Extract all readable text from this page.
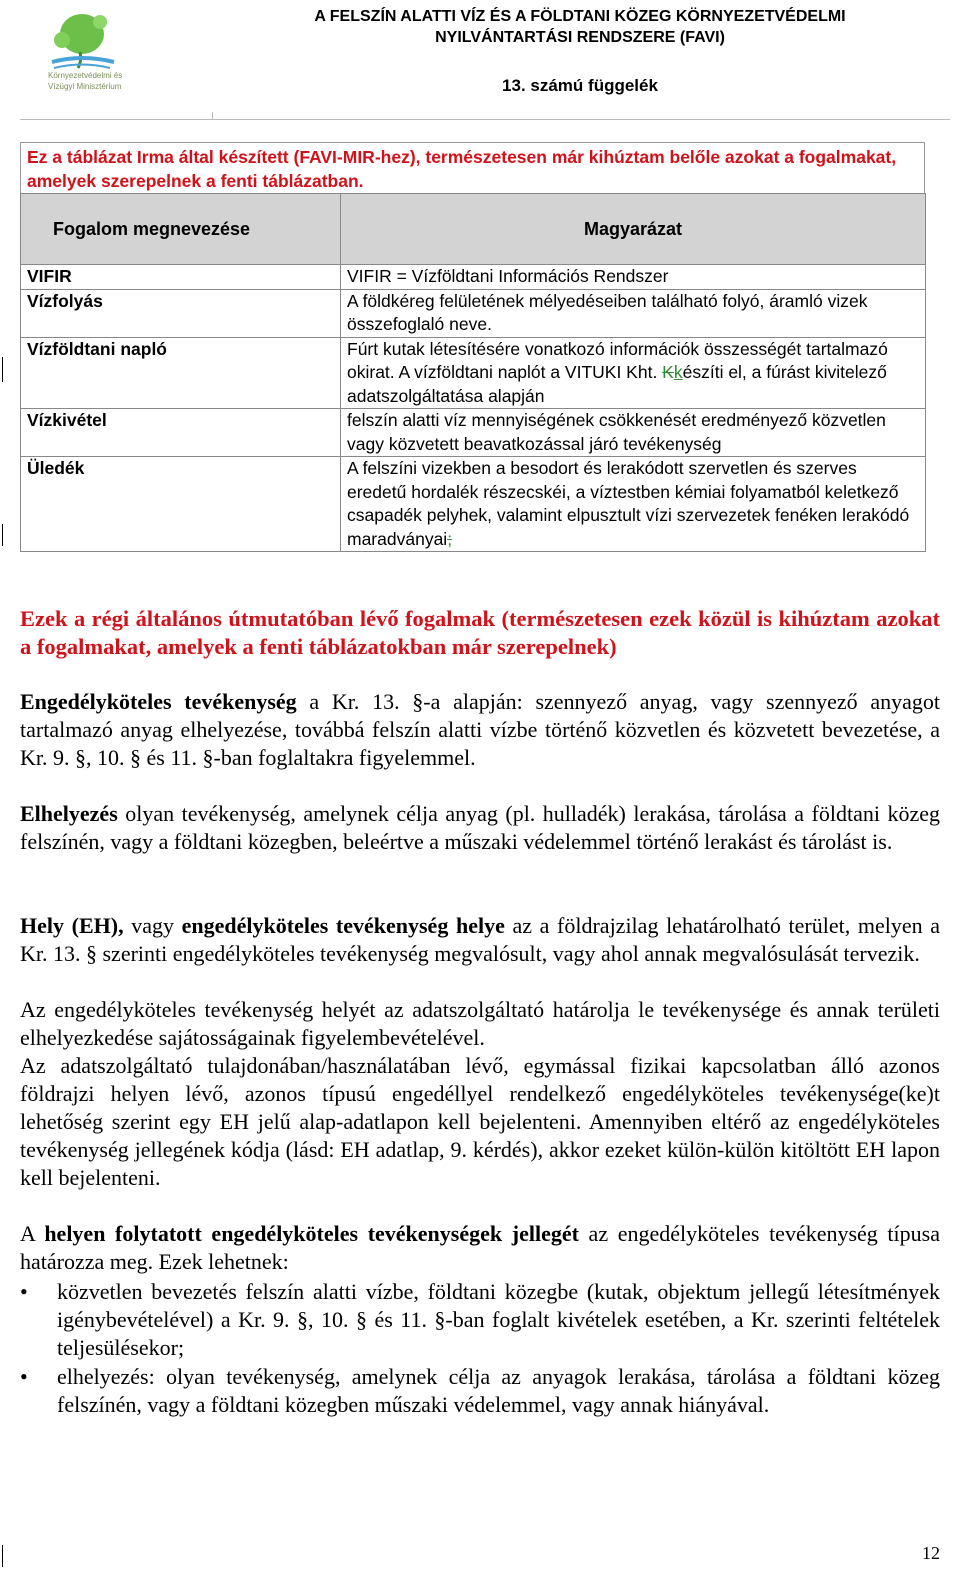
Környezetvédelmi és Vízügyi Minisztérium
A FELSZÍN ALATTI VÍZ ÉS A FÖLDTANI KÖZEG KÖRNYEZETVÉDELMI
NYILVÁNTARTÁSI RENDSZERE (FAVI)
13. számú függelék
Ez a táblázat Irma által készített (FAVI-MIR-hez), természetesen már kihúztam belőle azokat a fogalmakat, amelyek szerepelnek a fenti táblázatban.
Fogalom megnevezése	Magyarázat
VIFIR	VIFIR = Vízföldtani Információs Rendszer
Vízfolyás	A földkéreg felületének mélyedéseiben található folyó, áramló vizek összefoglaló neve.
Vízföldtani napló	Fúrt kutak létesítésére vonatkozó információk összességét tartalmazó okirat. A vízföldtani naplót a VITUKI Kht. Kkészíti el, a fúrást kivitelező adatszolgáltatása alapján
Vízkivétel	felszín alatti víz mennyiségének csökkenését eredményező közvetlen vagy közvetett beavatkozással járó tevékenység
Üledék	A felszíni vizekben a besodort és lerakódott szervetlen és szerves eredetű hordalék részecskéi, a víztestben kémiai folyamatból keletkező csapadék pelyhek, valamint elpusztult vízi szervezetek fenéken lerakódó maradványai;
Ezek a régi általános útmutatóban lévő fogalmak (természetesen ezek közül is kihúztam azokat a fogalmakat, amelyek a fenti táblázatokban már szerepelnek)
Engedélyköteles tevékenység a Kr. 13. §-a alapján: szennyező anyag, vagy szennyező anyagot tartalmazó anyag elhelyezése, továbbá felszín alatti vízbe történő közvetlen és közvetett bevezetése, a Kr. 9. §, 10. § és 11. §-ban foglaltakra figyelemmel.
Elhelyezés olyan tevékenység, amelynek célja anyag (pl. hulladék) lerakása, tárolása a földtani közeg felszínén, vagy a földtani közegben, beleértve a műszaki védelemmel történő lerakást és tárolást is.
Hely (EH), vagy engedélyköteles tevékenység helye az a földrajzilag lehatárolható terület, melyen a Kr. 13. § szerinti engedélyköteles tevékenység megvalósult, vagy ahol annak megvalósulását tervezik.
Az engedélyköteles tevékenység helyét az adatszolgáltató határolja le tevékenysége és annak területi elhelyezkedése sajátosságainak figyelembevételével.
Az adatszolgáltató tulajdonában/használatában lévő, egymással fizikai kapcsolatban álló azonos földrajzi helyen lévő, azonos típusú engedéllyel rendelkező engedélyköteles tevékenysége(ke)t lehetőség szerint egy EH jelű alap-adatlapon kell bejelenteni. Amennyiben eltérő az engedélyköteles tevékenység jellegének kódja (lásd: EH adatlap, 9. kérdés), akkor ezeket külön-külön kitöltött EH lapon kell bejelenteni.
A helyen folytatott engedélyköteles tevékenységek jellegét az engedélyköteles tevékenység típusa határozza meg. Ezek lehetnek:
• közvetlen bevezetés felszín alatti vízbe, földtani közegbe (kutak, objektum jellegű létesítmények igénybevételével) a Kr. 9. §, 10. § és 11. §-ban foglalt kivételek esetében, a Kr. szerinti feltételek teljesülésekor;
• elhelyezés: olyan tevékenység, amelynek célja az anyagok lerakása, tárolása a földtani közeg felszínén, vagy a földtani közegben műszaki védelemmel, vagy annak hiányával.
12
